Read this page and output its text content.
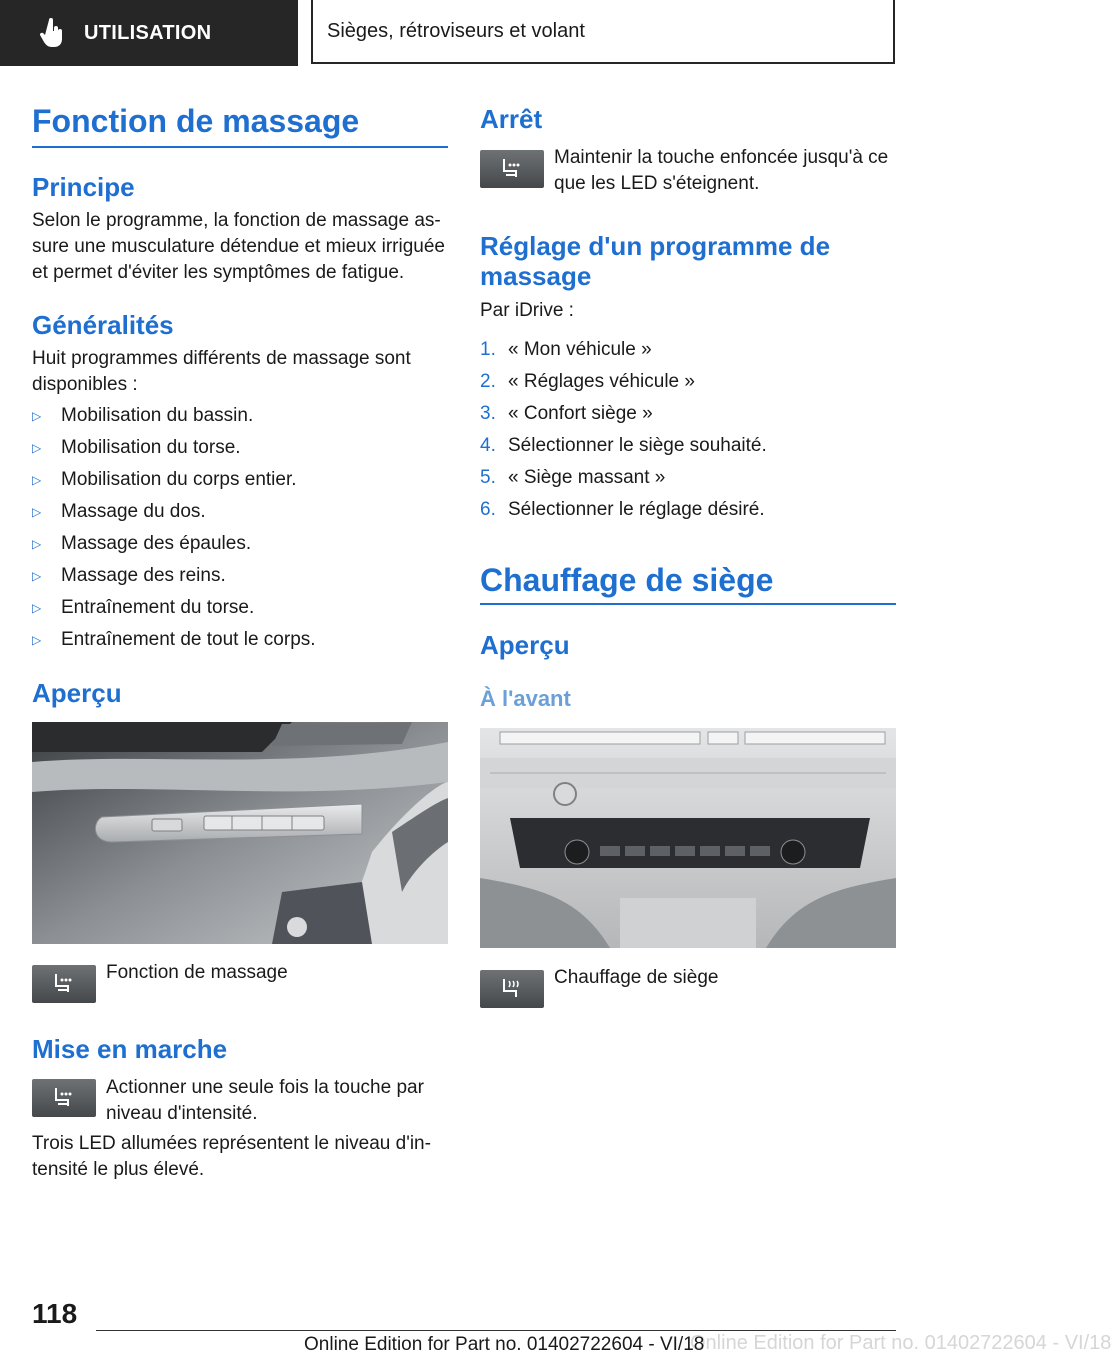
UTILISATION	Sièges, rétroviseurs et volant
Fonction de massage
Principe

Selon le programme, la fonction de massage as‐
sure une musculature détendue et mieux irriguée
et permet d'éviter les symptômes de fatigue.

Généralités

Huit programmes différents de massage sont
disponibles :

▷	Mobilisation du bassin.
▷	Mobilisation du torse.
▷	Mobilisation du corps entier.
▷	Massage du dos.
▷	Massage des épaules.
▷	Massage des reins.
▷	Entraînement du torse.
▷	Entraînement de tout le corps.
Aperçu

Fonction de massage

Mise en marche

Actionner une seule fois la touche par
niveau d'intensité.

Trois LED allumées représentent le niveau d'in‐
tensité le plus élevé.

Arrêt

Maintenir la touche enfoncée jusqu'à ce
que les LED s'éteignent.

Réglage d'un programme de
massage

Par iDrive :

1. « Mon véhicule »
2. « Réglages véhicule »
3. « Confort siège »
4. Sélectionner le siège souhaité.
5. « Siège massant »
6. Sélectionner le réglage désiré.
Chauffage de siège
Aperçu
À l'avant

Chauffage de siège

118
Online Edition for Part no. 01402722604 - VI/18
Online Edition for Part no. 01402722604 - VI/18
